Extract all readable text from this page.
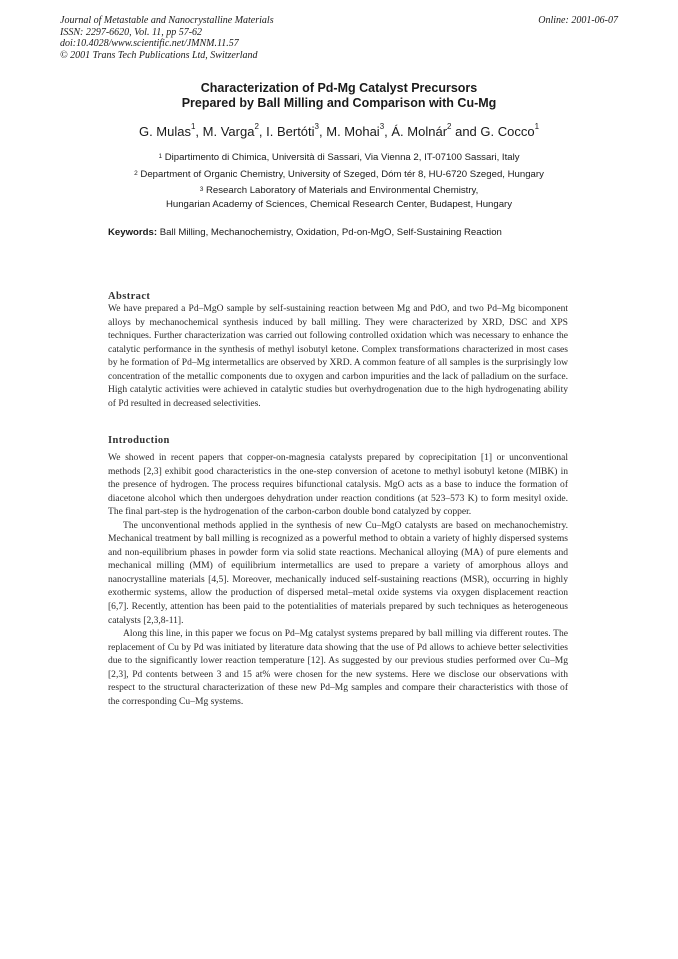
Journal of Metastable and Nanocrystalline Materials
ISSN: 2297-6620, Vol. 11, pp 57-62
doi:10.4028/www.scientific.net/JMNM.11.57
© 2001 Trans Tech Publications Ltd, Switzerland
Online: 2001-06-07
Characterization of Pd-Mg Catalyst Precursors
Prepared by Ball Milling and Comparison with Cu-Mg
G. Mulas$^1$, M. Varga$^2$, I. Bertóti$^3$, M. Mohai$^3$, Á. Molnár$^2$ and G. Cocco$^1$
$^1$ Dipartimento di Chimica, Università di Sassari, Via Vienna 2, IT-07100 Sassari, Italy
$^2$ Department of Organic Chemistry, University of Szeged, Dóm tér 8, HU-6720 Szeged, Hungary
$^3$ Research Laboratory of Materials and Environmental Chemistry,
Hungarian Academy of Sciences, Chemical Research Center, Budapest, Hungary
Keywords: Ball Milling, Mechanochemistry, Oxidation, Pd-on-MgO, Self-Sustaining Reaction
Abstract

We have prepared a Pd–MgO sample by self-sustaining reaction between Mg and PdO, and two Pd–Mg bicomponent alloys by mechanochemical synthesis induced by ball milling. They were characterized by XRD, DSC and XPS techniques. Further characterization was carried out following controlled oxidation which was necessary to enhance the catalytic performance in the synthesis of methyl isobutyl ketone. Complex transformations characterized in most cases by he formation of Pd–Mg intermetallics are observed by XRD. A common feature of all samples is the surprisingly low concentration of the metallic components due to oxygen and carbon impurities and the lack of palladium on the surface. High catalytic activities were achieved in catalytic studies but overhydrogenation due to the high hydrogenating ability of Pd resulted in decreased selectivities.

Introduction

We showed in recent papers that copper-on-magnesia catalysts prepared by coprecipitation [1] or unconventional methods [2,3] exhibit good characteristics in the one-step conversion of acetone to methyl isobutyl ketone (MIBK) in the presence of hydrogen. The process requires bifunctional catalysis. MgO acts as a base to induce the formation of diacetone alcohol which then undergoes dehydration under reaction conditions (at 523–573 K) to form mesityl oxide. The final part-step is the hydrogenation of the carbon-carbon double bond catalyzed by copper.

The unconventional methods applied in the synthesis of new Cu–MgO catalysts are based on mechanochemistry. Mechanical treatment by ball milling is recognized as a powerful method to obtain a variety of highly dispersed systems and non-equilibrium phases in powder form via solid state reactions. Mechanical alloying (MA) of pure elements and mechanical milling (MM) of equilibrium intermetallics are used to prepare a variety of amorphous alloys and nanocrystalline materials [4,5]. Moreover, mechanically induced self-sustaining reactions (MSR), occurring in highly exothermic systems, allow the production of dispersed metal–metal oxide systems via oxygen displacement reaction [6,7]. Recently, attention has been paid to the potentialities of materials prepared by such techniques as heterogeneous catalysts [2,3,8-11].

Along this line, in this paper we focus on Pd–Mg catalyst systems prepared by ball milling via different routes. The replacement of Cu by Pd was initiated by literature data showing that the use of Pd allows to achieve better selectivities due to the significantly lower reaction temperature [12]. As suggested by our previous studies performed over Cu–Mg [2,3], Pd contents between 3 and 15 at% were chosen for the new systems. Here we disclose our observations with respect to the structural characterization of these new Pd–Mg samples and compare their characteristics with those of the corresponding Cu–Mg systems.
